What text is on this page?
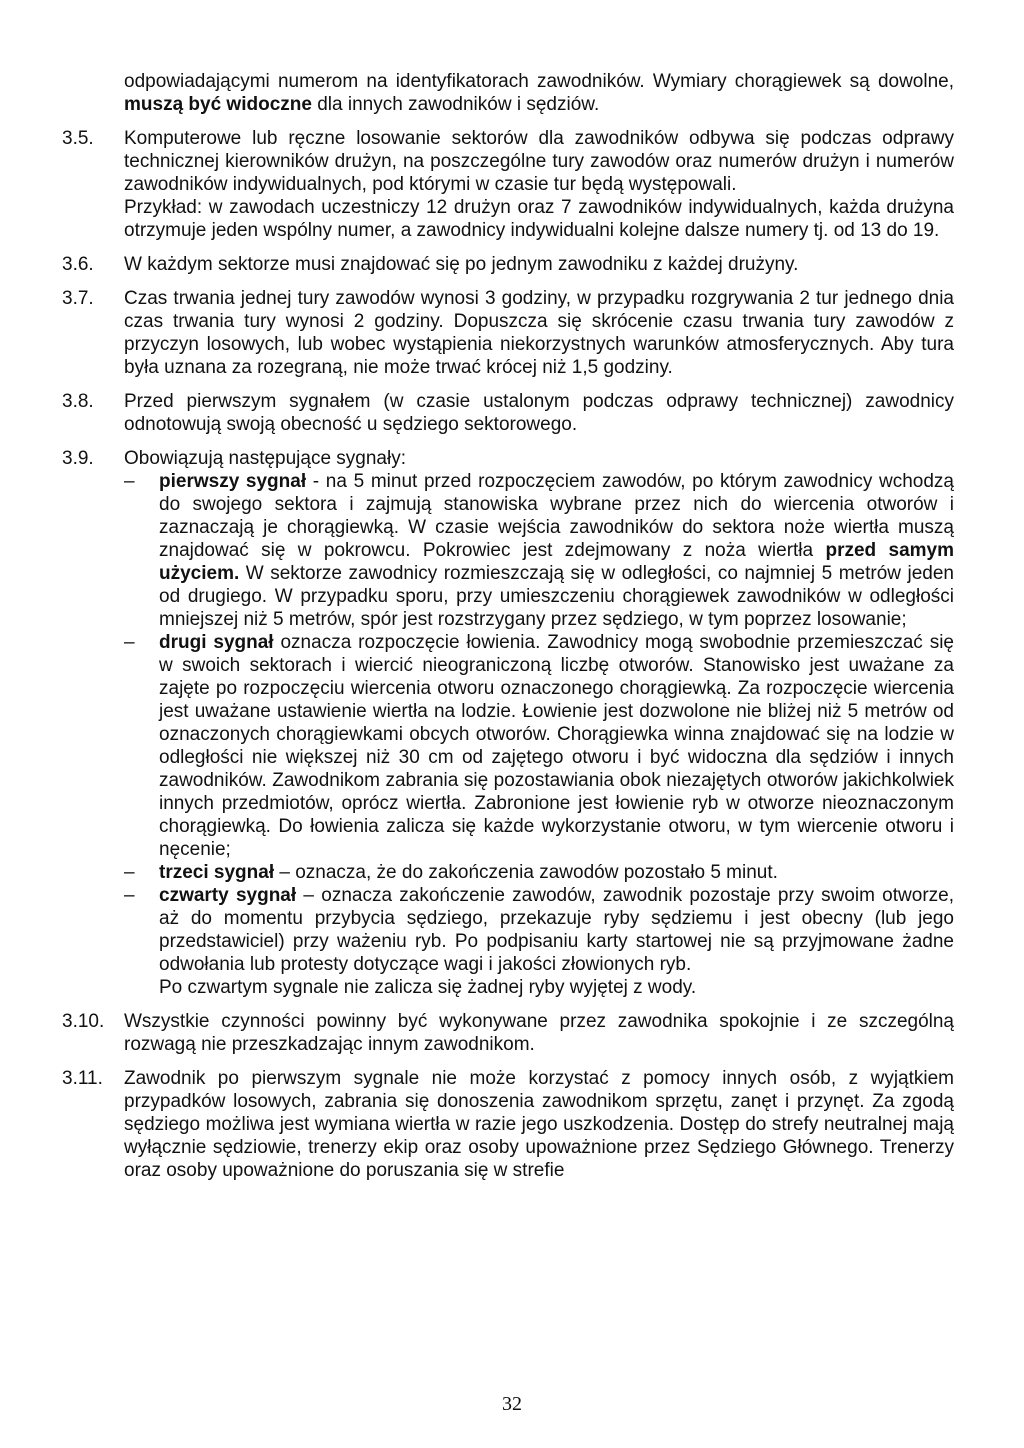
odpowiadającymi numerom na identyfikatorach zawodników. Wymiary chorągiewek są dowolne, muszą być widoczne dla innych zawodników i sędziów.

3.5.	Komputerowe lub ręczne losowanie sektorów dla zawodników odbywa się podczas odprawy technicznej kierowników drużyn, na poszczególne tury zawodów oraz numerów drużyn i numerów zawodników indywidualnych, pod którymi w czasie tur będą występowali.

Przykład: w zawodach uczestniczy 12 drużyn oraz 7 zawodników indywidualnych, każda drużyna otrzymuje jeden wspólny numer, a zawodnicy indywidualni kolejne dalsze numery tj. od 13 do 19.

3.6.	W każdym sektorze musi znajdować się po jednym zawodniku z każdej drużyny.

3.7.	Czas trwania jednej tury zawodów wynosi 3 godziny, w przypadku rozgrywania 2 tur jednego dnia czas trwania tury wynosi 2 godziny. Dopuszcza się skrócenie czasu trwania tury zawodów z przyczyn losowych, lub wobec wystąpienia niekorzystnych warunków atmosferycznych. Aby tura była uznana za rozegraną, nie może trwać krócej niż 1,5 godziny.

3.8.	Przed pierwszym sygnałem (w czasie ustalonym podczas odprawy technicznej) zawodnicy odnotowują swoją obecność u sędziego sektorowego.

3.9.	Obowiązują następujące sygnały:

–	pierwszy sygnał - na 5 minut przed rozpoczęciem zawodów, po którym zawodnicy wchodzą do swojego sektora i zajmują stanowiska wybrane przez nich do wiercenia otworów i zaznaczają je chorągiewką. W czasie wejścia zawodników do sektora noże wiertła muszą znajdować się w pokrowcu. Pokrowiec jest zdejmowany z noża wiertła przed samym użyciem. W sektorze zawodnicy rozmieszczają się w odległości, co najmniej 5 metrów jeden od drugiego. W przypadku sporu, przy umieszczeniu chorągiewek zawodników w odległości mniejszej niż 5 metrów, spór jest rozstrzygany przez sędziego, w tym poprzez losowanie;
–	drugi sygnał oznacza rozpoczęcie łowienia. Zawodnicy mogą swobodnie przemieszczać się w swoich sektorach i wiercić nieograniczoną liczbę otworów. Stanowisko jest uważane za zajęte po rozpoczęciu wiercenia otworu oznaczonego chorągiewką. Za rozpoczęcie wiercenia jest uważane ustawienie wiertła na lodzie. Łowienie jest dozwolone nie bliżej niż 5 metrów od oznaczonych chorągiewkami obcych otworów. Chorągiewka winna znajdować się na lodzie w odległości nie większej niż 30 cm od zajętego otworu i być widoczna dla sędziów i innych zawodników. Zawodnikom zabrania się pozostawiania obok niezajętych otworów jakichkolwiek innych przedmiotów, oprócz wiertła. Zabronione jest łowienie ryb w otworze nieoznaczonym chorągiewką. Do łowienia zalicza się każde wykorzystanie otworu, w tym wiercenie otworu i nęcenie;
–	trzeci sygnał – oznacza, że do zakończenia zawodów pozostało 5 minut.
–	czwarty sygnał – oznacza zakończenie zawodów, zawodnik pozostaje przy swoim otworze, aż do momentu przybycia sędziego, przekazuje ryby sędziemu i jest obecny (lub jego przedstawiciel) przy ważeniu ryb. Po podpisaniu karty startowej nie są przyjmowane żadne odwołania lub protesty dotyczące wagi i jakości złowionych ryb.

Po czwartym sygnale nie zalicza się żadnej ryby wyjętej z wody.

3.10.	Wszystkie czynności powinny być wykonywane przez zawodnika spokojnie i ze szczególną rozwagą nie przeszkadzając innym zawodnikom.

3.11.	Zawodnik po pierwszym sygnale nie może korzystać z pomocy innych osób, z wyjątkiem przypadków losowych, zabrania się donoszenia zawodnikom sprzętu, zanęt i przynęt. Za zgodą sędziego możliwa jest wymiana wiertła w razie jego uszkodzenia. Dostęp do strefy neutralnej mają wyłącznie sędziowie, trenerzy ekip oraz osoby upoważnione przez Sędziego Głównego. Trenerzy oraz osoby upoważnione do poruszania się w strefie

32
